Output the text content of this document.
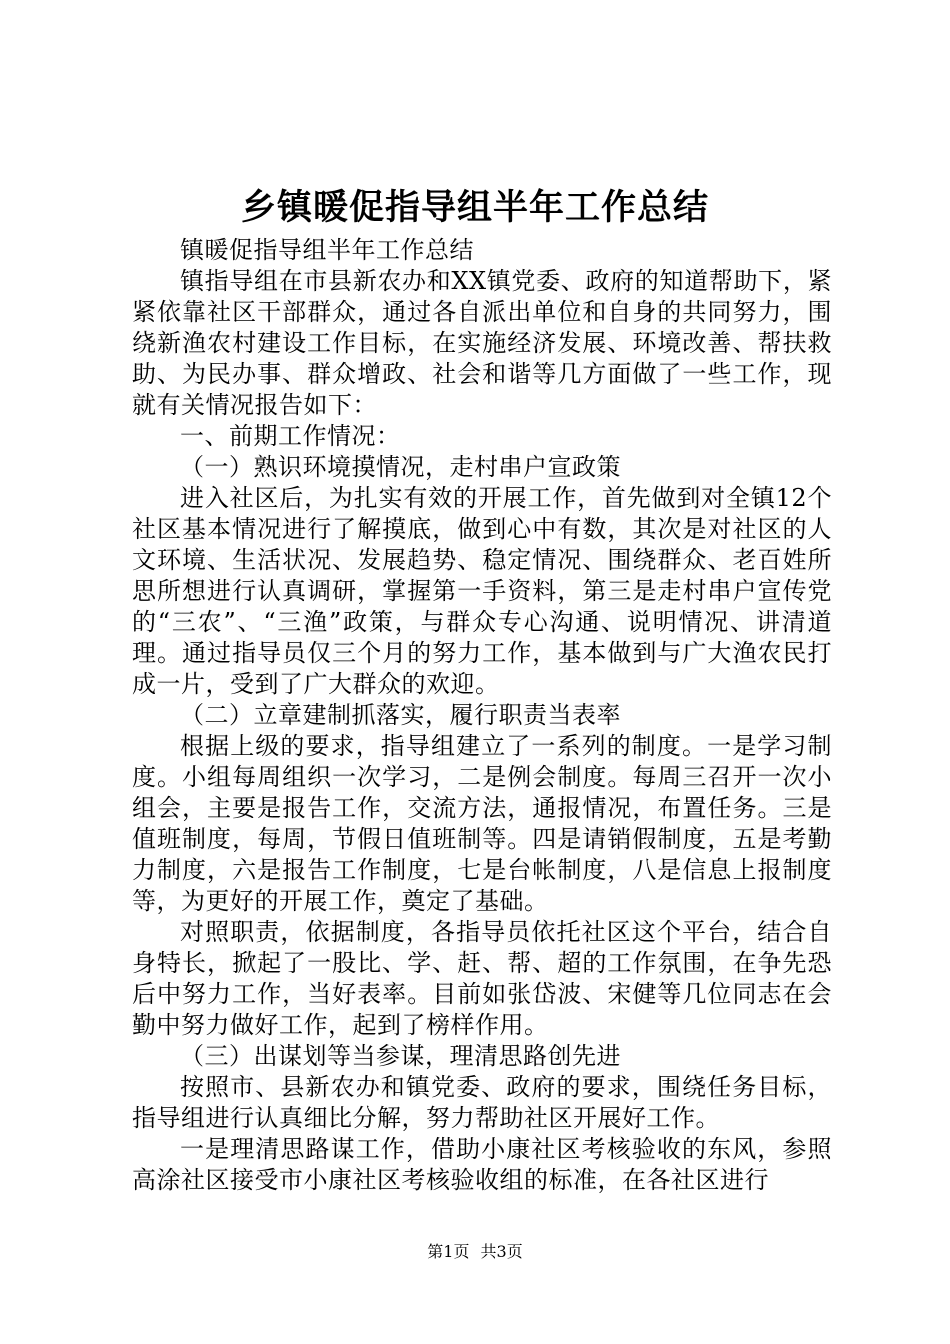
乡镇暖促指导组半年工作总结

镇暖促指导组半年工作总结

镇指导组在市县新农办和XX镇党委、政府的知道帮助下，紧紧依靠社区干部群众，通过各自派出单位和自身的共同努力，围绕新渔农村建设工作目标，在实施经济发展、环境改善、帮扶救助、为民办事、群众增政、社会和谐等几方面做了一些工作，现就有关情况报告如下：

一、前期工作情况：

（一）熟识环境摸情况，走村串户宣政策

进入社区后，为扎实有效的开展工作，首先做到对全镇12个社区基本情况进行了解摸底，做到心中有数，其次是对社区的人文环境、生活状况、发展趋势、稳定情况、围绕群众、老百姓所思所想进行认真调研，掌握第一手资料，第三是走村串户宣传党的“三农”、“三渔”政策，与群众专心沟通、说明情况、讲清道理。通过指导员仅三个月的努力工作，基本做到与广大渔农民打成一片，受到了广大群众的欢迎。

（二）立章建制抓落实，履行职责当表率

根据上级的要求，指导组建立了一系列的制度。一是学习制度。小组每周组织一次学习，二是例会制度。每周三召开一次小组会，主要是报告工作，交流方法，通报情况，布置任务。三是值班制度，每周，节假日值班制等。四是请销假制度，五是考勤力制度，六是报告工作制度，七是台帐制度，八是信息上报制度等，为更好的开展工作，奠定了基础。

对照职责，依据制度，各指导员依托社区这个平台，结合自身特长，掀起了一股比、学、赶、帮、超的工作氛围，在争先恐后中努力工作，当好表率。目前如张岱波、宋健等几位同志在会勤中努力做好工作，起到了榜样作用。

（三）出谋划等当参谋，理清思路创先进

按照市、县新农办和镇党委、政府的要求，围绕任务目标，指导组进行认真细比分解，努力帮助社区开展好工作。

一是理清思路谋工作，借助小康社区考核验收的东风，参照高涂社区接受市小康社区考核验收组的标准，在各社区进行

第1页 共3页
